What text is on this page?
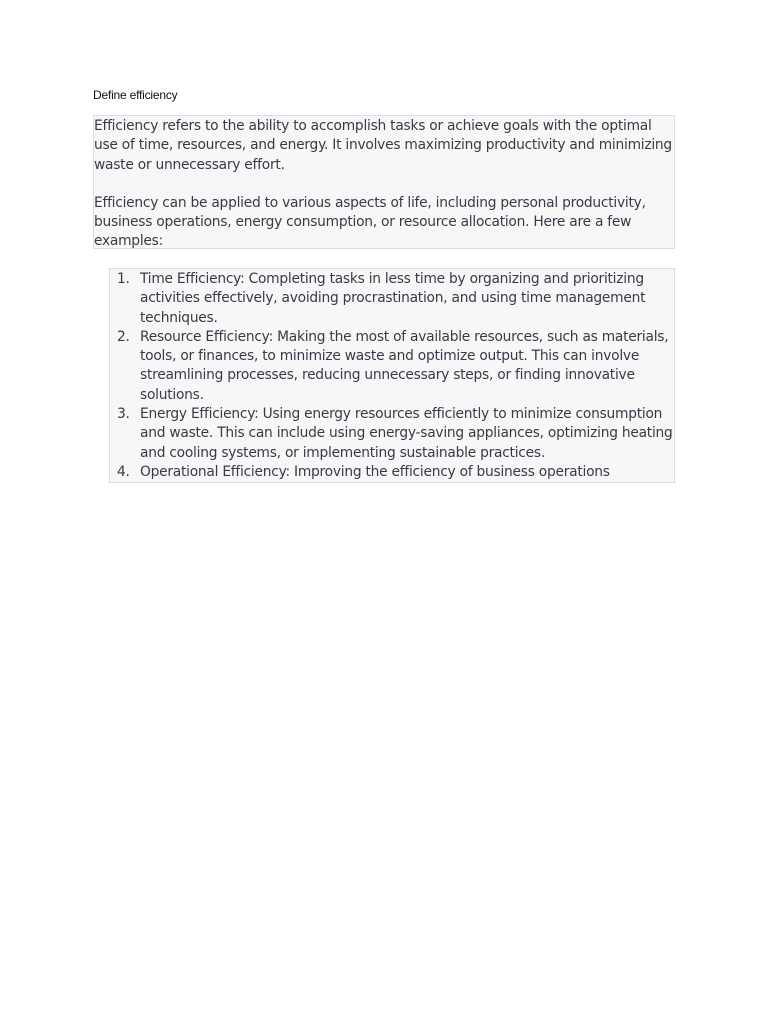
Define efficiency

Efficiency refers to the ability to accomplish tasks or achieve goals with the optimal use of time, resources, and energy. It involves maximizing productivity and minimizing waste or unnecessary effort.

Efficiency can be applied to various aspects of life, including personal productivity, business operations, energy consumption, or resource allocation. Here are a few examples:

1. Time Efficiency: Completing tasks in less time by organizing and prioritizing activities effectively, avoiding procrastination, and using time management techniques.
2. Resource Efficiency: Making the most of available resources, such as materials, tools, or finances, to minimize waste and optimize output. This can involve streamlining processes, reducing unnecessary steps, or finding innovative solutions.
3. Energy Efficiency: Using energy resources efficiently to minimize consumption and waste. This can include using energy-saving appliances, optimizing heating and cooling systems, or implementing sustainable practices.
4. Operational Efficiency: Improving the efficiency of business operations
